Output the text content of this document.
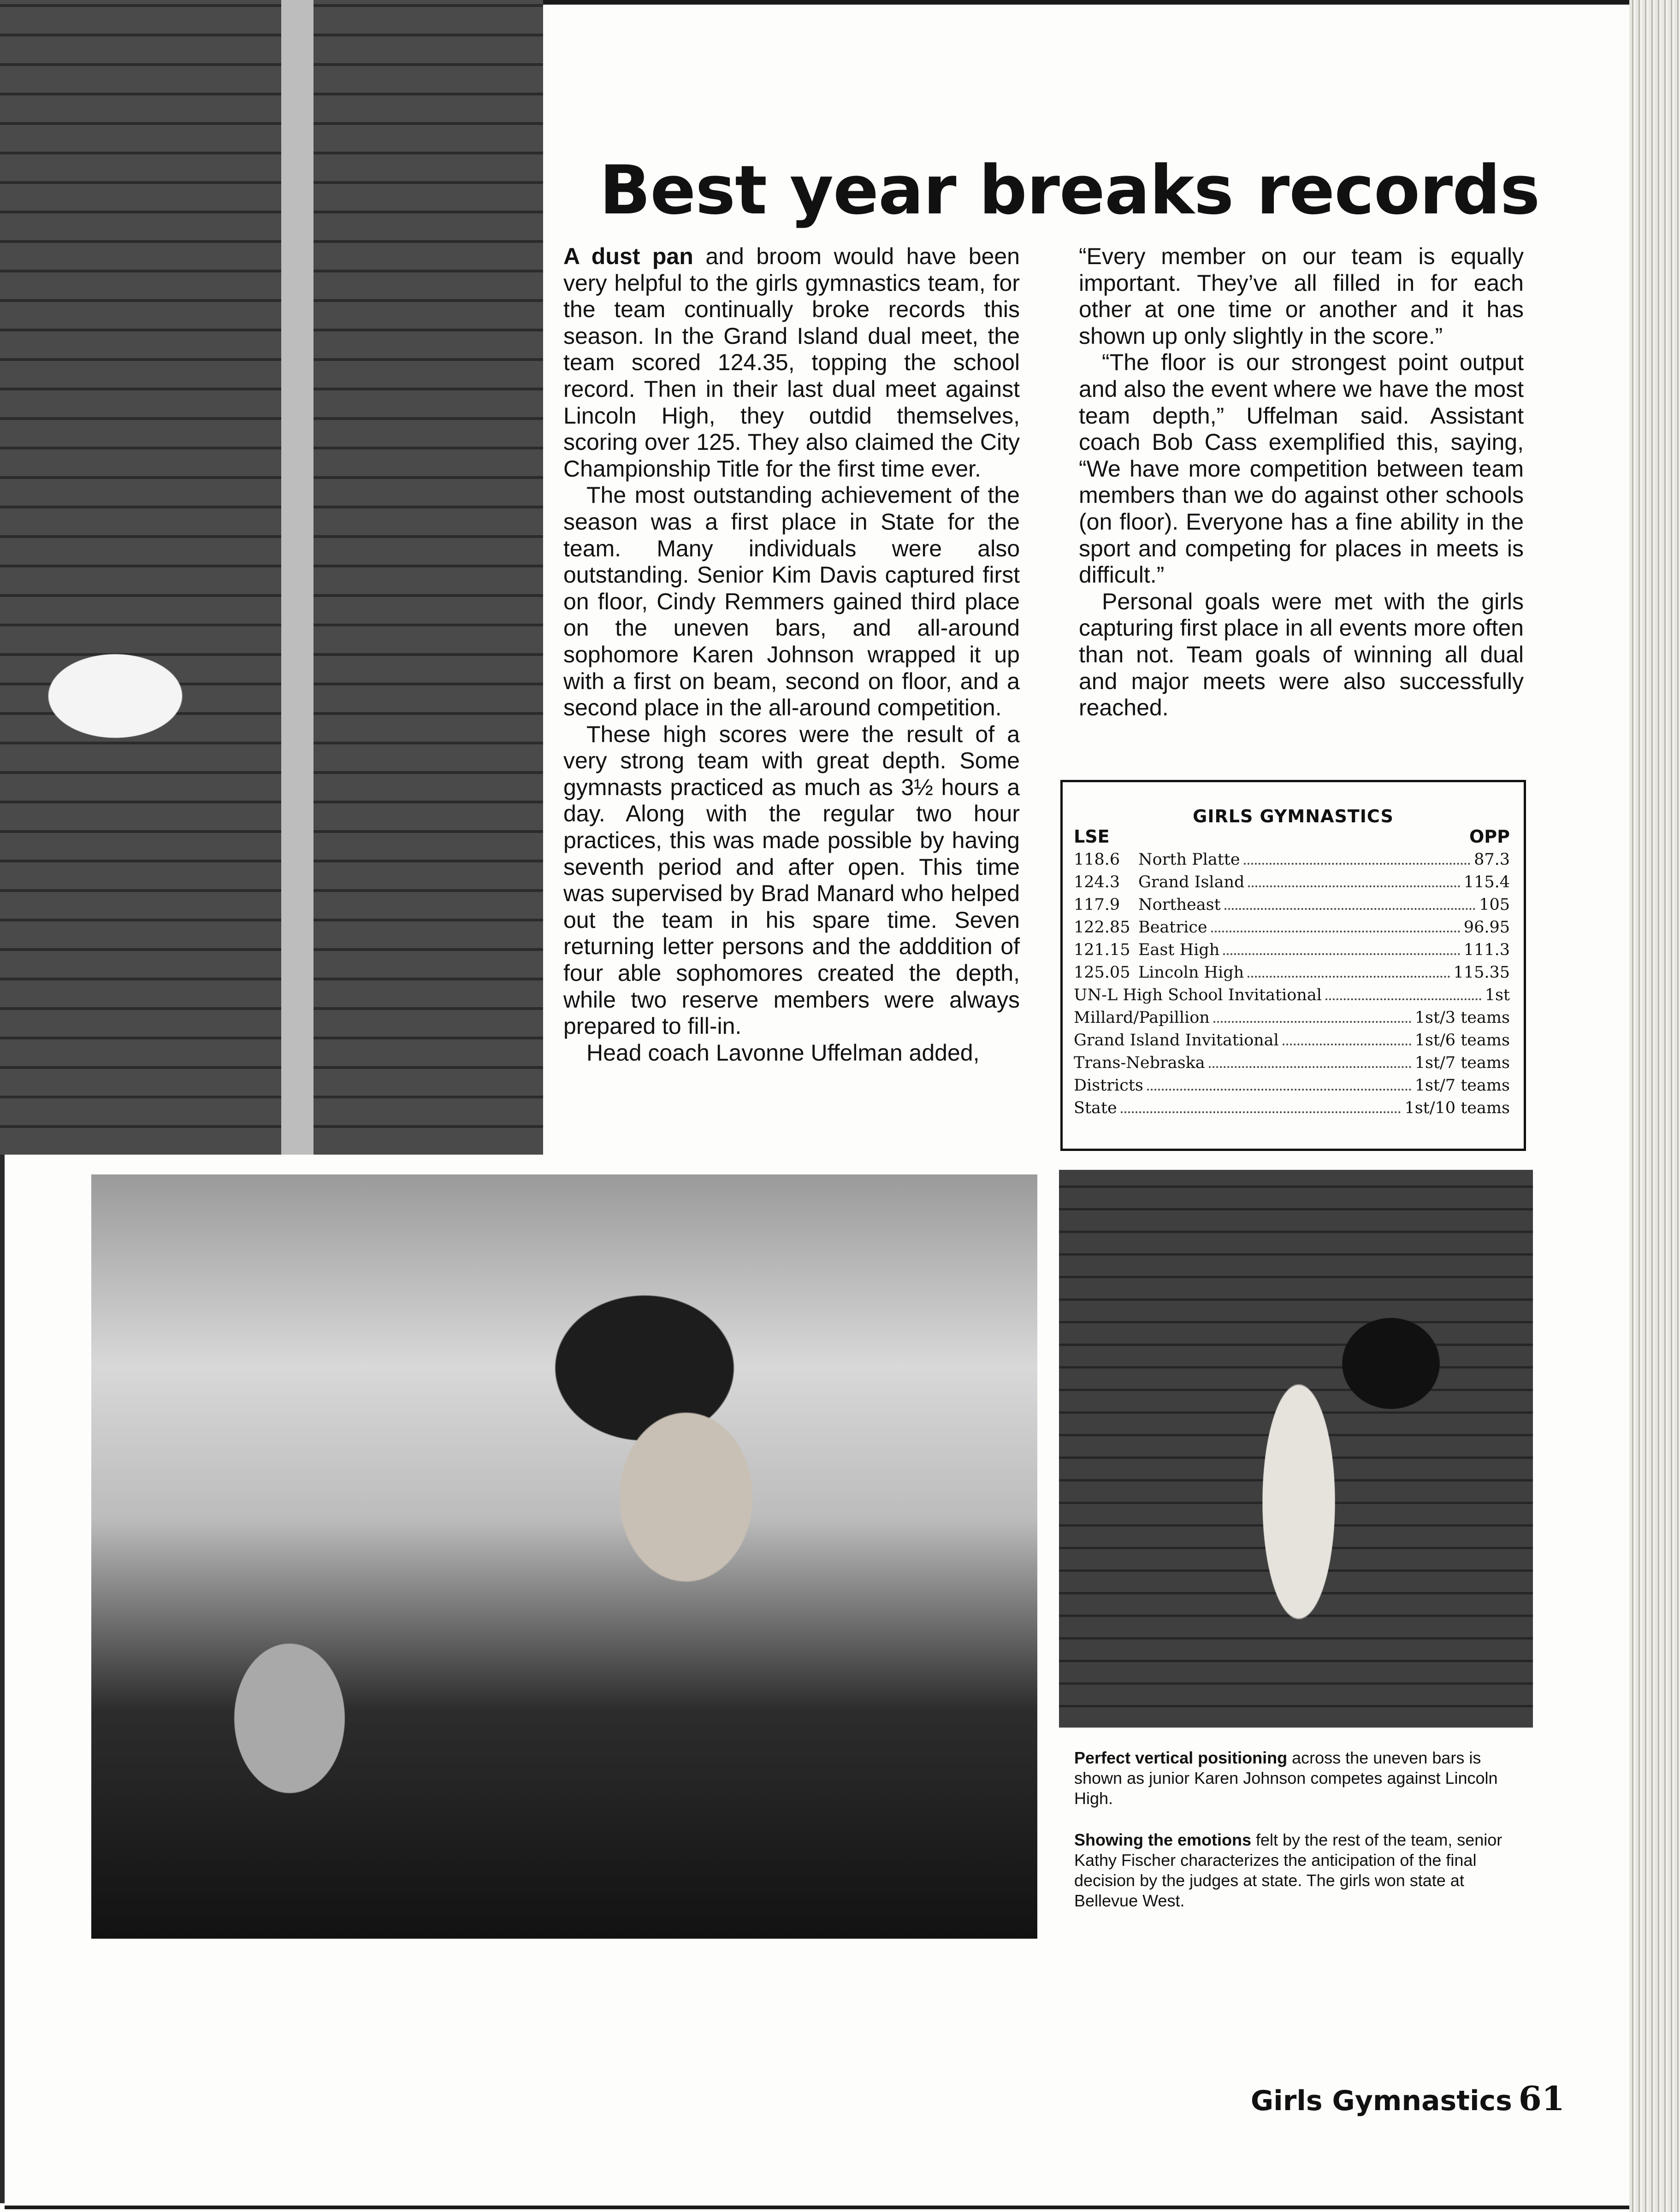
Best year breaks records

A dust pan and broom would have been very helpful to the girls gymnastics team, for the team continually broke records this season. In the Grand Island dual meet, the team scored 124.35, topping the school record. Then in their last dual meet against Lincoln High, they outdid themselves, scoring over 125. They also claimed the City Championship Title for the first time ever.

The most outstanding achievement of the season was a first place in State for the team. Many individuals were also outstanding. Senior Kim Davis captured first on floor, Cindy Remmers gained third place on the uneven bars, and all-around sophomore Karen Johnson wrapped it up with a first on beam, second on floor, and a second place in the all-around competition.

These high scores were the result of a very strong team with great depth. Some gymnasts practiced as much as 3½ hours a day. Along with the regular two hour practices, this was made possible by having seventh period and after open. This time was supervised by Brad Manard who helped out the team in his spare time. Seven returning letter persons and the adddition of four able sophomores created the depth, while two reserve members were always prepared to fill-in.

Head coach Lavonne Uffelman added,

“Every member on our team is equally important. They’ve all filled in for each other at one time or another and it has shown up only slightly in the score.”

“The floor is our strongest point output and also the event where we have the most team depth,” Uffelman said. Assistant coach Bob Cass exemplified this, saying, “We have more competition between team members than we do against other schools (on floor). Everyone has a fine ability in the sport and competing for places in meets is difficult.”

Personal goals were met with the girls capturing first place in all events more often than not. Team goals of winning all dual and major meets were also successfully reached.

GIRLS GYMNASTICS
LSE	OPP
118.6	North Platte	87.3
124.3	Grand Island	115.4
117.9	Northeast	105
122.85 Beatrice	96.95
121.15 East High	111.3
125.05 Lincoln High	115.35
UN-L High School Invitational	1st
Millard/Papillion	1st/3 teams
Grand Island Invitational	1st/6 teams
Trans-Nebraska	1st/7 teams
Districts	1st/7 teams
State	1st/10 teams
Perfect vertical positioning across the uneven bars is shown as junior Karen Johnson competes against Lincoln High.
Showing the emotions felt by the rest of the team, senior Kathy Fischer characterizes the anticipation of the final decision by the judges at state. The girls won state at Bellevue West.
Girls Gymnastics 61
